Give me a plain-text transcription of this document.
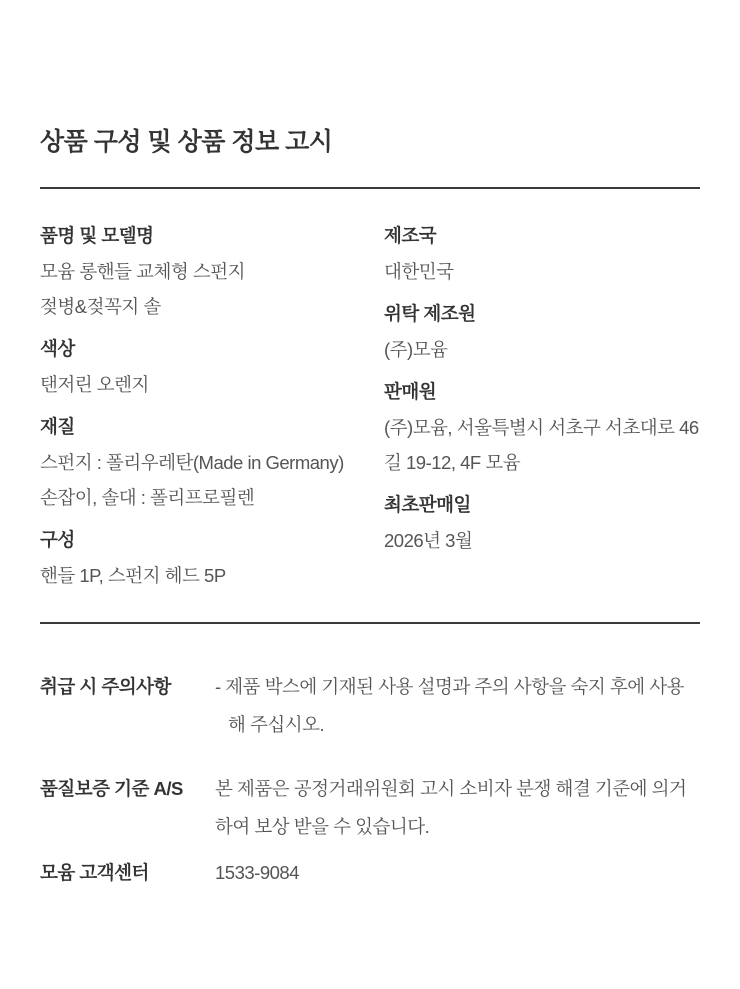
상품 구성 및 상품 정보 고시
품명 및 모델명
모윰 롱핸들 교체형 스펀지
젖병&젖꼭지 솔
색상
탠저린 오렌지
재질
스펀지 : 폴리우레탄(Made in Germany)
손잡이, 솔대 : 폴리프로필렌
구성
핸들 1P, 스펀지 헤드 5P
제조국
대한민국
위탁 제조원
(주)모윰
판매원
(주)모윰, 서울특별시 서초구 서초대로 46길 19-12, 4F 모윰
최초판매일
2026년 3월
취급 시 주의사항	- 제품 박스에 기재된 사용 설명과 주의 사항을 숙지 후에 사용해 주십시오.
품질보증 기준 A/S	본 제품은 공정거래위원회 고시 소비자 분쟁 해결 기준에 의거하여 보상 받을 수 있습니다.
모윰 고객센터	1533-9084
